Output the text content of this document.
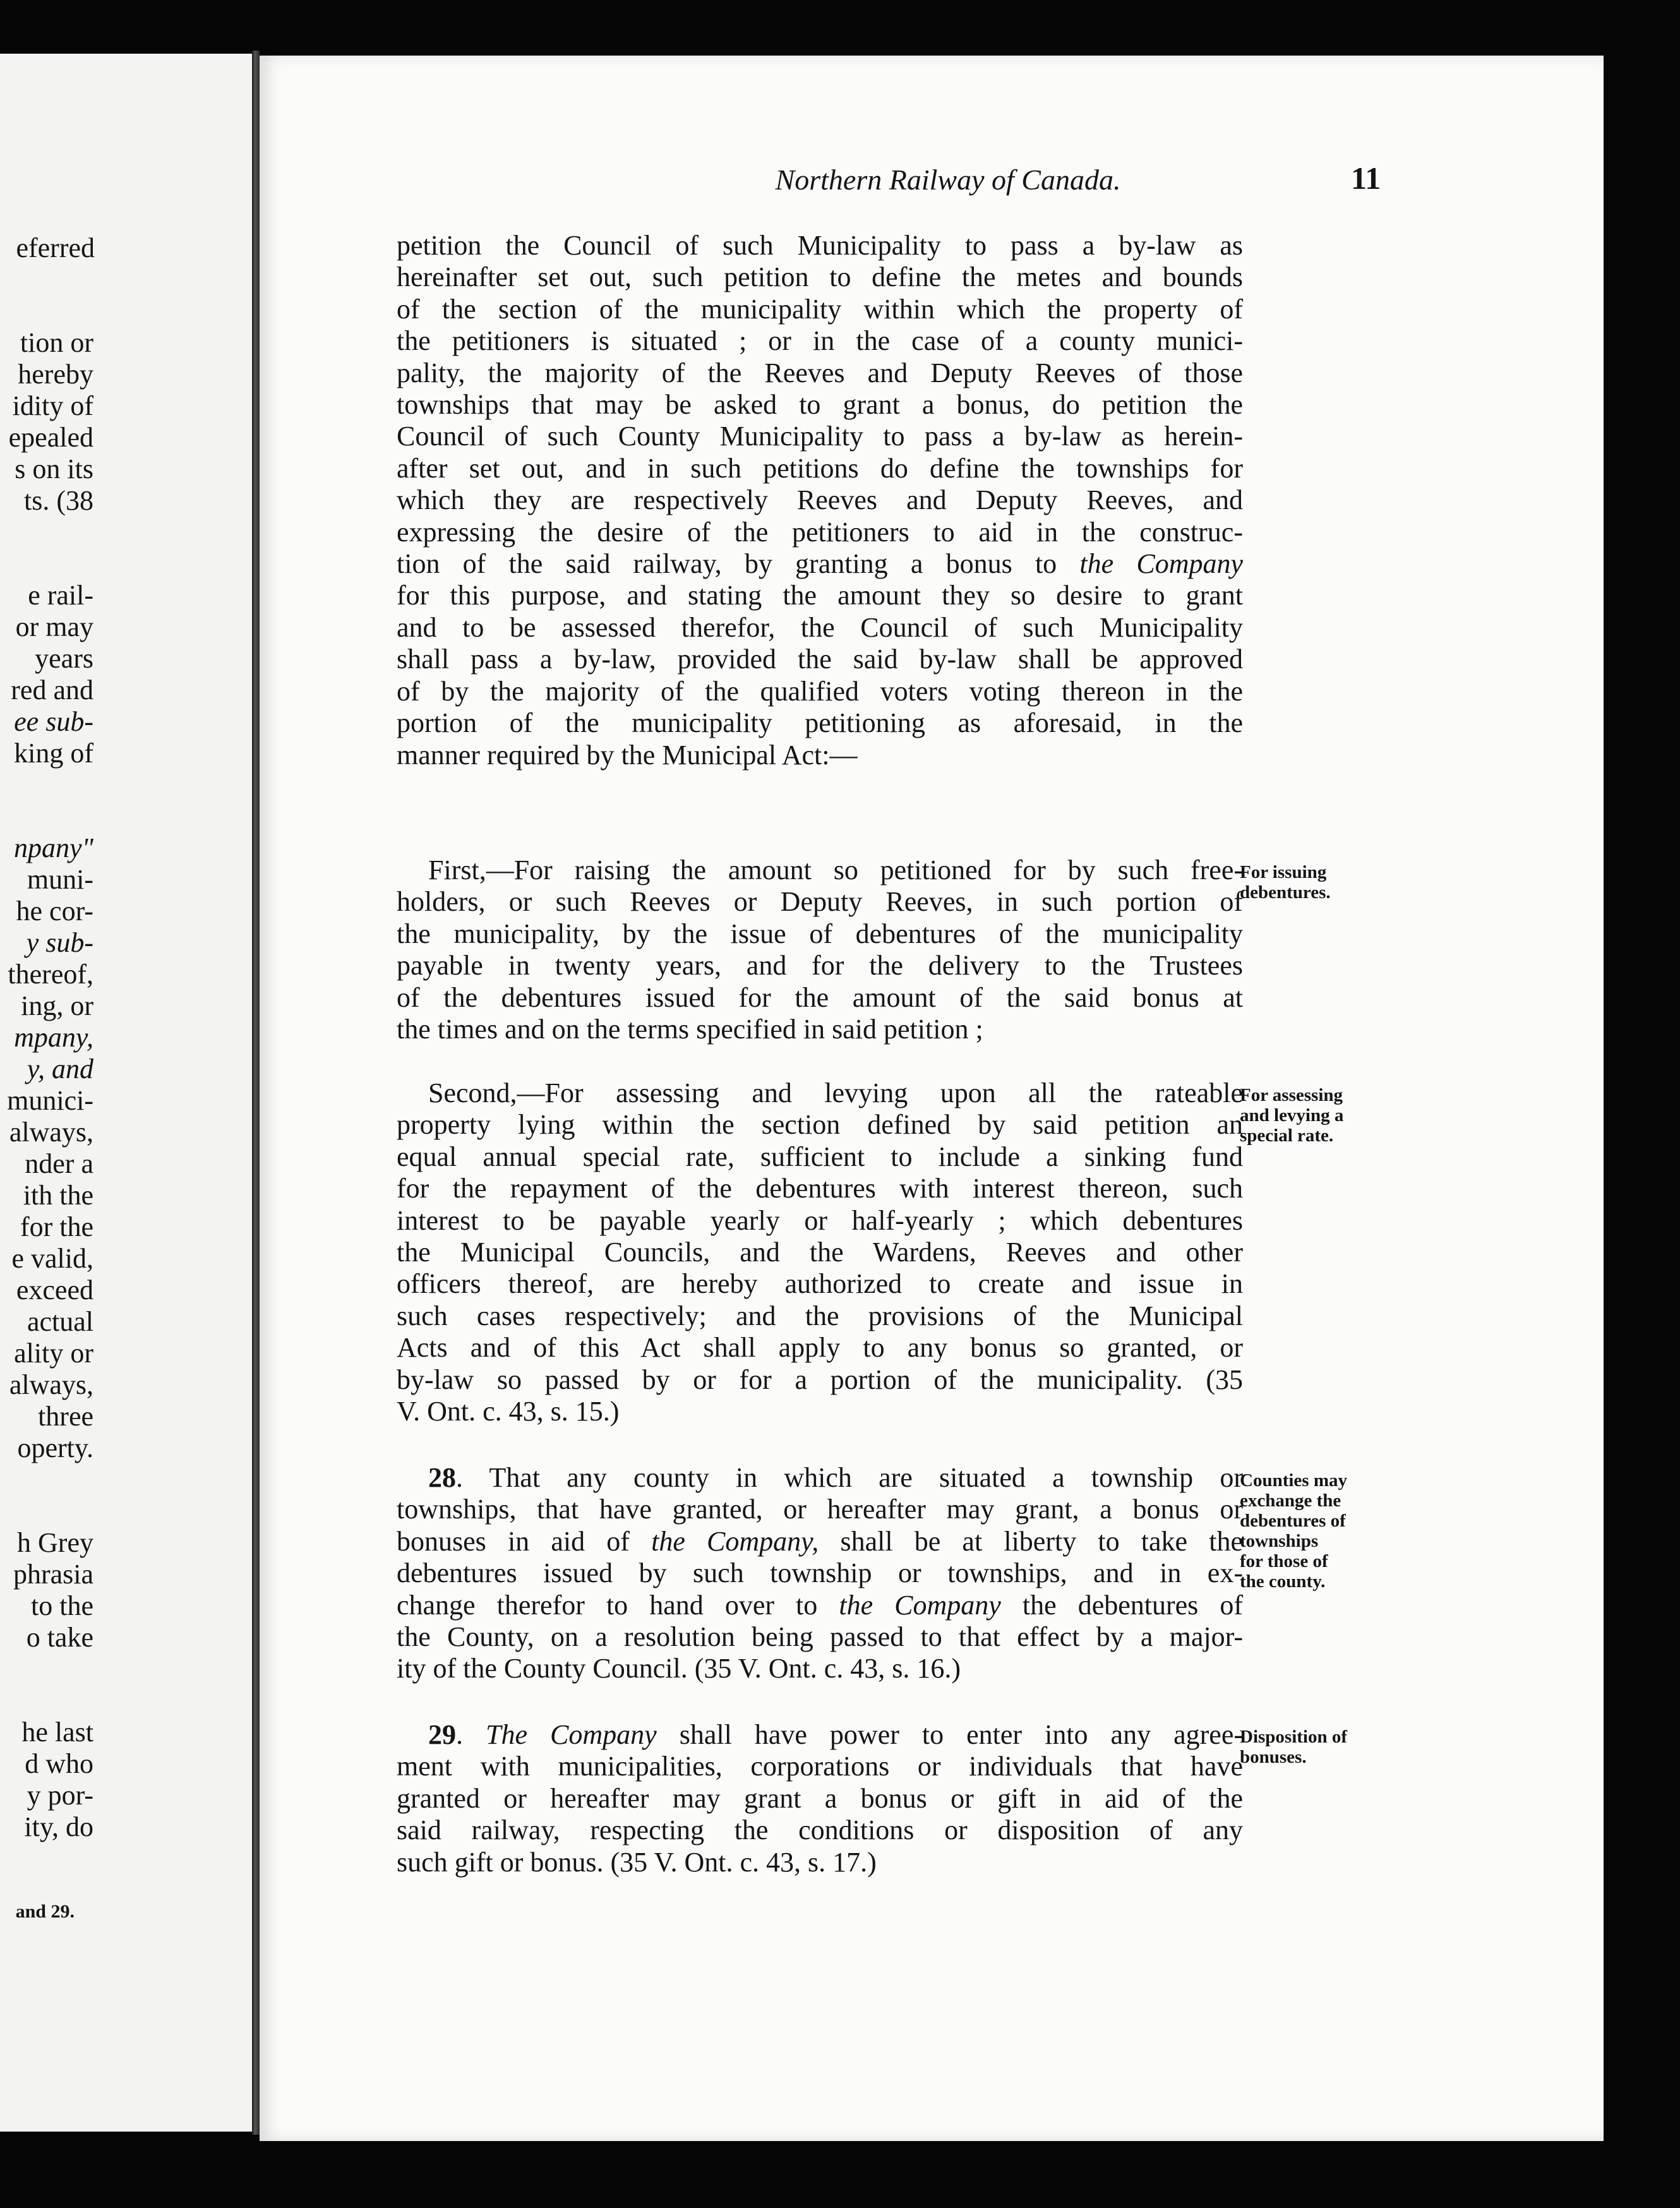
eferred
tion or
hereby
idity of
epealed
s on its
ts. (38
e rail-
or may
years
red and
ee sub-
king of
npany"
muni-
he cor-
y sub-
thereof,
ing, or
mpany,
y, and
munici-
always,
nder a
ith the
for the
e valid,
exceed
actual
ality or
always,
three
operty.
h Grey
phrasia
to the
o take
he last
d who
y por-
ity, do
and 29.
Northern Railway of Canada.	11
petition the Council of such Municipality to pass a by-law as
hereinafter set out, such petition to define the metes and bounds
of the section of the municipality within which the property of
the petitioners is situated ; or in the case of a county munici-
pality, the majority of the Reeves and Deputy Reeves of those
townships that may be asked to grant a bonus, do petition the
Council of such County Municipality to pass a by-law as herein-
after set out, and in such petitions do define the townships for
which they are respectively Reeves and Deputy Reeves, and
expressing the desire of the petitioners to aid in the construc-
tion of the said railway, by granting a bonus to the Company
for this purpose, and stating the amount they so desire to grant
and to be assessed therefor, the Council of such Municipality
shall pass a by-law, provided the said by-law shall be approved
of by the majority of the qualified voters voting thereon in the
portion of the municipality petitioning as aforesaid, in the
manner required by the Municipal Act:—
First,—For raising the amount so petitioned for by such free-
holders, or such Reeves or Deputy Reeves, in such portion of
the municipality, by the issue of debentures of the municipality
payable in twenty years, and for the delivery to the Trustees
of the debentures issued for the amount of the said bonus at
the times and on the terms specified in said petition ;
Second,—For assessing and levying upon all the rateable
property lying within the section defined by said petition an
equal annual special rate, sufficient to include a sinking fund
for the repayment of the debentures with interest thereon, such
interest to be payable yearly or half-yearly ; which debentures
the Municipal Councils, and the Wardens, Reeves and other
officers thereof, are hereby authorized to create and issue in
such cases respectively; and the provisions of the Municipal
Acts and of this Act shall apply to any bonus so granted, or
by-law so passed by or for a portion of the municipality. (35
V. Ont. c. 43, s. 15.)
28. That any county in which are situated a township or
townships, that have granted, or hereafter may grant, a bonus or
bonuses in aid of the Company, shall be at liberty to take the
debentures issued by such township or townships, and in ex-
change therefor to hand over to the Company the debentures of
the County, on a resolution being passed to that effect by a major-
ity of the County Council. (35 V. Ont. c. 43, s. 16.)
29. The Company shall have power to enter into any agree-
ment with municipalities, corporations or individuals that have
granted or hereafter may grant a bonus or gift in aid of the
said railway, respecting the conditions or disposition of any
such gift or bonus. (35 V. Ont. c. 43, s. 17.)
For issuing
debentures.
For assessing
and levying a
special rate.
Counties may
exchange the
debentures of
townships
for those of
the county.
Disposition of
bonuses.
